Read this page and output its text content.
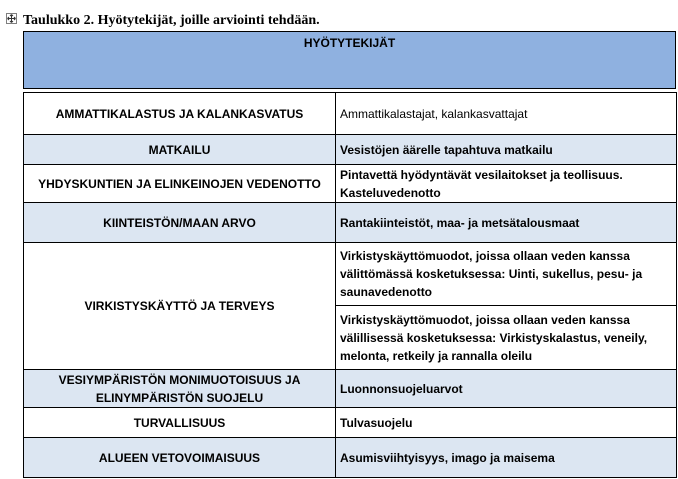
Taulukko 2. Hyötytekijät, joille arviointi tehdään.
HYÖTYTEKIJÄT
AMMATTIKALASTUS JA KALANKASVATUS	Ammattikalastajat, kalankasvattajat
MATKAILU	Vesistöjen äärelle tapahtuva matkailu
YHDYSKUNTIEN JA ELINKEINOJEN VEDENOTTO	Pintavettä hyödyntävät vesilaitokset ja teollisuus. Kasteluvedenotto
KIINTEISTÖN/MAAN ARVO	Rantakiinteistöt, maa- ja metsätalousmaat
VIRKISTYSKÄYTTÖ JA TERVEYS	Virkistyskäyttömuodot, joissa ollaan veden kanssa välittömässä kosketuksessa: Uinti, sukellus, pesu- ja saunavedenotto
	Virkistyskäyttömuodot, joissa ollaan veden kanssa välillisessä kosketuksessa: Virkistyskalastus, veneily, melonta, retkeily ja rannalla oleilu
VESIYMPÄRISTÖN MONIMUOTOISUUS JA ELINYMPÄRISTÖN SUOJELU	Luonnonsuojeluarvot
TURVALLISUUS	Tulvasuojelu
ALUEEN VETOVOIMAISUUS	Asumisviihtyisyys, imago ja maisema
